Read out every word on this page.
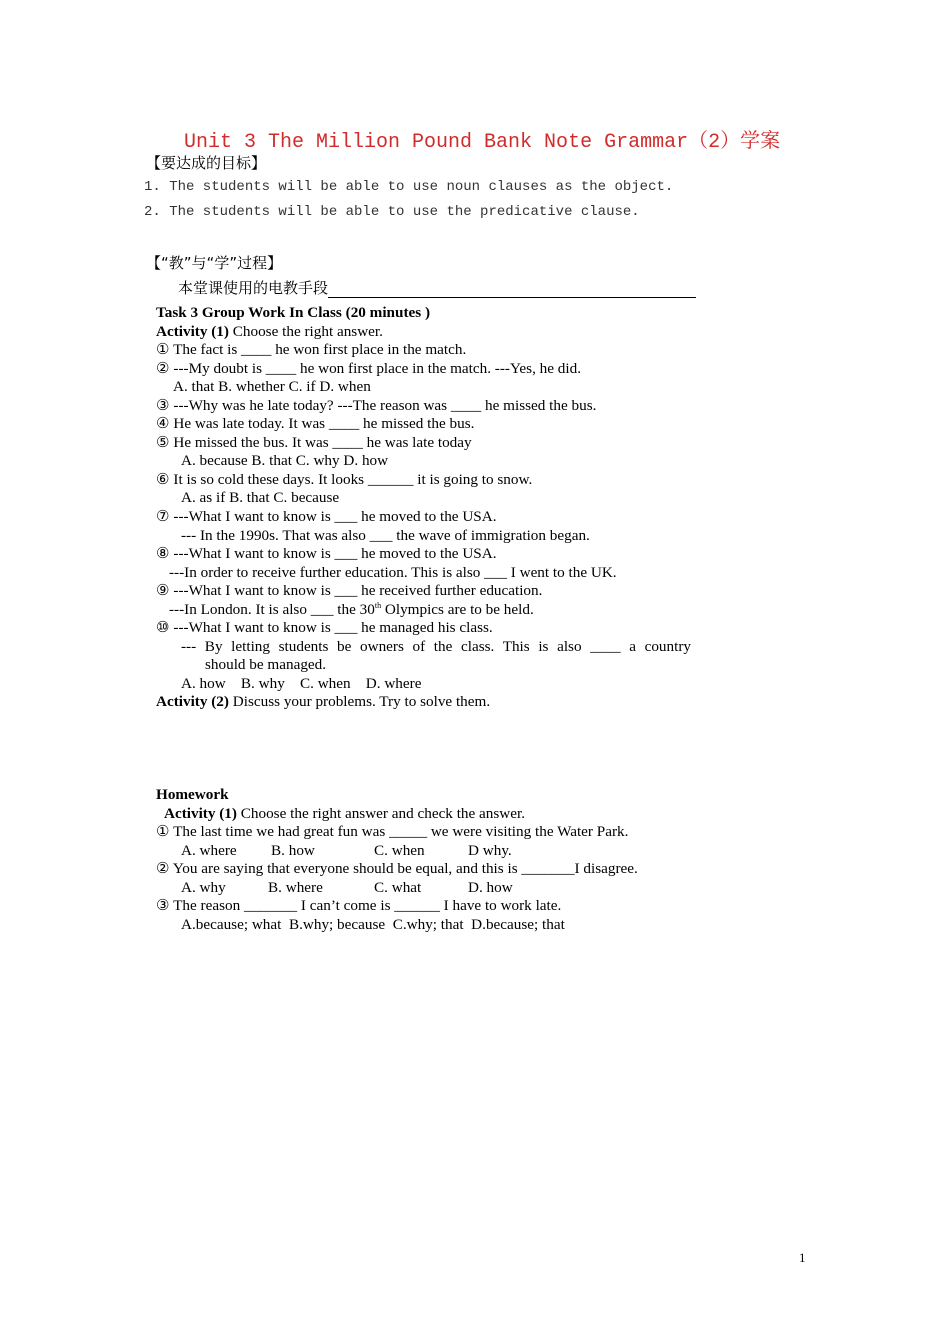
Unit 3 The Million Pound Bank Note Grammar（2）学案
【要达成的目标】
1. The students will be able to use noun clauses as the object.
2. The students will be able to use the predicative clause.
【“教”与“学”过程】
本堂课使用的电教手段
Task 3 Group Work In Class (20 minutes )
Activity (1) Choose the right answer.
① The fact is ____ he won first place in the match.
② ---My doubt is ____ he won first place in the match. ---Yes, he did.
A. that B. whether C. if D. when
③ ---Why was he late today? ---The reason was ____ he missed the bus.
④ He was late today. It was ____ he missed the bus.
⑤ He missed the bus. It was ____ he was late today
A. because B. that C. why D. how
⑥ It is so cold these days. It looks ______ it is going to snow.
A. as if B. that C. because
⑦ ---What I want to know is ___ he moved to the USA.
--- In the 1990s. That was also ___ the wave of immigration began.
⑧ ---What I want to know is ___ he moved to the USA.
---In order to receive further education. This is also ___ I went to the UK.
⑨ ---What I want to know is ___ he received further education.
---In London. It is also ___ the 30th Olympics are to be held.
⑩ ---What I want to know is ___ he managed his class.
--- By letting students be owners of the class. This is also ____ a country
should be managed.
A. how    B. why    C. when    D. where
Activity (2) Discuss your problems. Try to solve them.
Homework
Activity (1) Choose the right answer and check the answer.
① The last time we had great fun was _____ we were visiting the Water Park.
A. where B. how	C. when	D why.
② You are saying that everyone should be equal, and this is _______I disagree.
A. why	B. where	C. what	D. how
③ The reason _______ I can’t come is ______ I have to work late.
A.because; what  B.why; because  C.why; that  D.because; that
1
